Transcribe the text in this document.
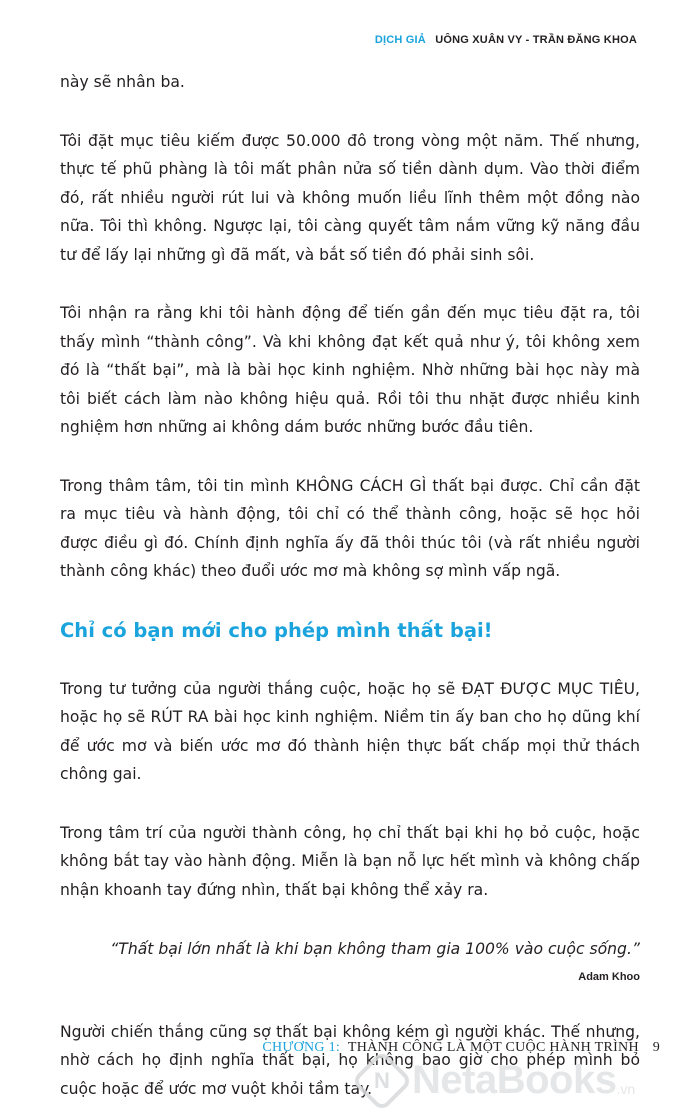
DỊCH GIẢ UÔNG XUÂN VY - TRẦN ĐĂNG KHOA

này sẽ nhân ba.

Tôi đặt mục tiêu kiếm được 50.000 đô trong vòng một năm. Thế nhưng, thực tế phũ phàng là tôi mất phân nửa số tiền dành dụm. Vào thời điểm đó, rất nhiều người rút lui và không muốn liều lĩnh thêm một đồng nào nữa. Tôi thì không. Ngược lại, tôi càng quyết tâm nắm vững kỹ năng đầu tư để lấy lại những gì đã mất, và bắt số tiền đó phải sinh sôi.

Tôi nhận ra rằng khi tôi hành động để tiến gần đến mục tiêu đặt ra, tôi thấy mình “thành công”. Và khi không đạt kết quả như ý, tôi không xem đó là “thất bại”, mà là bài học kinh nghiệm. Nhờ những bài học này mà tôi biết cách làm nào không hiệu quả. Rồi tôi thu nhặt được nhiều kinh nghiệm hơn những ai không dám bước những bước đầu tiên.

Trong thâm tâm, tôi tin mình KHÔNG CÁCH GÌ thất bại được. Chỉ cần đặt ra mục tiêu và hành động, tôi chỉ có thể thành công, hoặc sẽ học hỏi được điều gì đó. Chính định nghĩa ấy đã thôi thúc tôi (và rất nhiều người thành công khác) theo đuổi ước mơ mà không sợ mình vấp ngã.

Chỉ có bạn mới cho phép mình thất bại!

Trong tư tưởng của người thắng cuộc, hoặc họ sẽ ĐẠT ĐƯỢC MỤC TIÊU, hoặc họ sẽ RÚT RA bài học kinh nghiệm. Niềm tin ấy ban cho họ dũng khí để ước mơ và biến ước mơ đó thành hiện thực bất chấp mọi thử thách chông gai.

Trong tâm trí của người thành công, họ chỉ thất bại khi họ bỏ cuộc, hoặc không bắt tay vào hành động. Miễn là bạn nỗ lực hết mình và không chấp nhận khoanh tay đứng nhìn, thất bại không thể xảy ra.

“Thất bại lớn nhất là khi bạn không tham gia 100% vào cuộc sống.”

Adam Khoo

Người chiến thắng cũng sợ thất bại không kém gì người khác. Thế nhưng, nhờ cách họ định nghĩa thất bại, họ không bao giờ cho phép mình bỏ cuộc hoặc để ước mơ vuột khỏi tầm tay.

CHƯƠNG 1: THÀNH CÔNG LÀ MỘT CUỘC HÀNH TRÌNH 9
N NetaBooks .vn
